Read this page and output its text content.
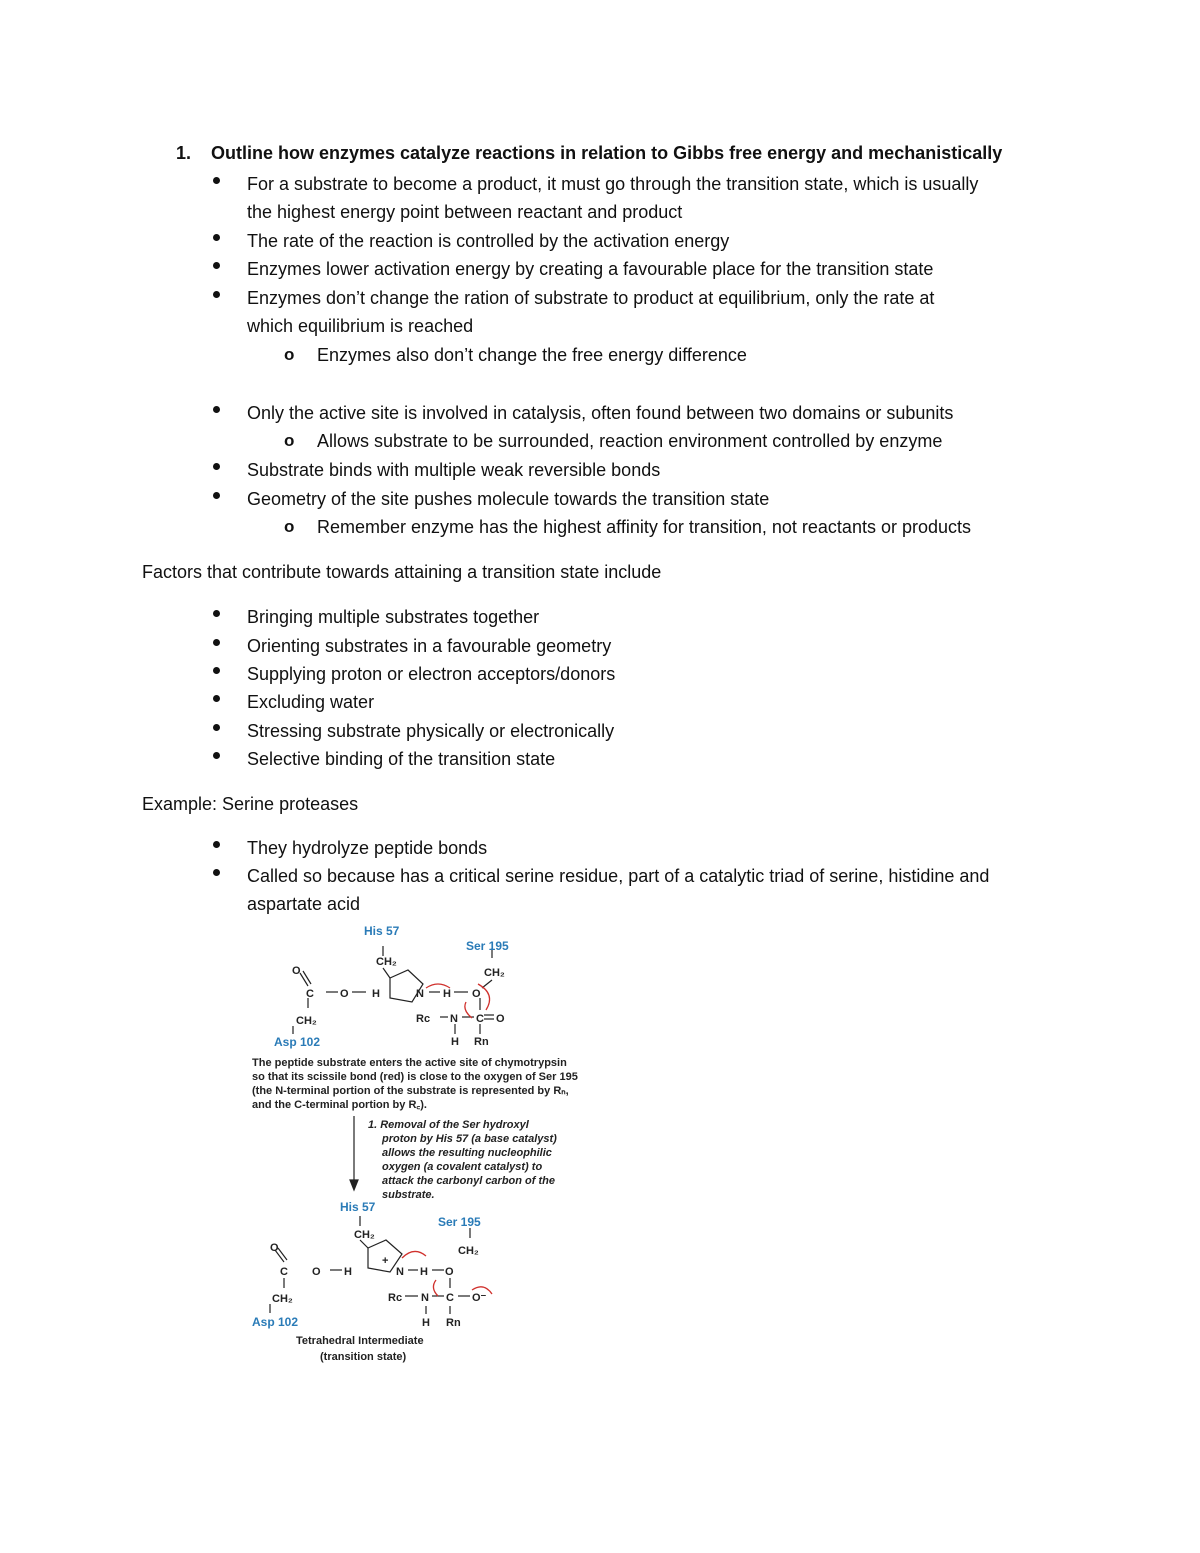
1. Outline how enzymes catalyze reactions in relation to Gibbs free energy and mechanistically
For a substrate to become a product, it must go through the transition state, which is usually
the highest energy point between reactant and product
The rate of the reaction is controlled by the activation energy
Enzymes lower activation energy by creating a favourable place for the transition state
Enzymes don’t change the ration of substrate to product at equilibrium, only the rate at
which equilibrium is reached
o Enzymes also don’t change the free energy difference
Only the active site is involved in catalysis, often found between two domains or subunits
o Allows substrate to be surrounded, reaction environment controlled by enzyme
Substrate binds with multiple weak reversible bonds
Geometry of the site pushes molecule towards the transition state
o Remember enzyme has the highest affinity for transition, not reactants or products
Factors that contribute towards attaining a transition state include
Bringing multiple substrates together
Orienting substrates in a favourable geometry
Supplying proton or electron acceptors/donors
Excluding water
Stressing substrate physically or electronically
Selective binding of the transition state
Example: Serine proteases
They hydrolyze peptide bonds
Called so because has a critical serine residue, part of a catalytic triad of serine, histidine and
aspartate acid
His 57
CH₂
Ser 195
CH₂
O
C O H	N H O
CH₂
Asp 102
Rc N C O
H Rn
The peptide substrate enters the active site of chymotrypsin
so that its scissile bond (red) is close to the oxygen of Ser 195
(the N-terminal portion of the substrate is represented by Rₙ,
and the C-terminal portion by R꜀).
1. Removal of the Ser hydroxyl
proton by His 57 (a base catalyst)
allows the resulting nucleophilic
oxygen (a covalent catalyst) to
attack the carbonyl carbon of the
substrate.
His 57
CH₂
Ser 195
CH₂
O
C O H
+
N H O
CH₂
Asp 102
Rc N C O⁻
H Rn
Tetrahedral Intermediate
(transition state)
